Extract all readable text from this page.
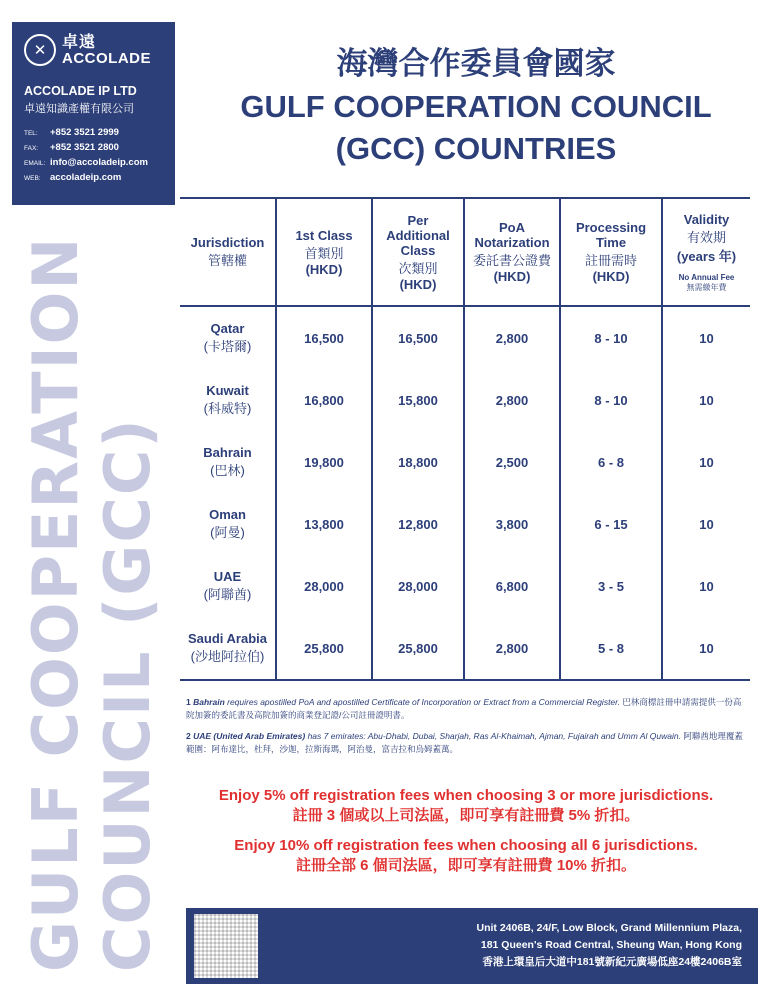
✕ 卓遠
ACCOLADE
ACCOLADE IP LTD
卓遠知識產權有限公司
TEL: +852 3521 2999
FAX: +852 3521 2800
EMAIL: info@accoladeip.com
WEB: accoladeip.com
GULF COOPERATION COUNCIL (GCC)
海灣合作委員會國家
GULF COOPERATION COUNCIL
(GCC) COUNTRIES
Jurisdiction
管轄權	1st Class
首類別
(HKD)	Per
Additional
Class
次類別
(HKD)	PoA
Notarization
委託書公證費
(HKD)	Processing
Time
註冊需時
(HKD)	Validity
有效期
(years 年)
No Annual Fee
無需繳年費

Qatar
(卡塔爾)	16,500	16,500	2,800	8 - 10	10

Kuwait
(科威特)	16,800	15,800	2,800	8 - 10	10

Bahrain
(巴林)	19,800	18,800	2,500	6 - 8	10

Oman
(阿曼)	13,800	12,800	3,800	6 - 15	10

UAE
(阿聯酋)	28,000	28,000	6,800	3 - 5	10

Saudi Arabia
(沙地阿拉伯)	25,800	25,800	2,800	5 - 8	10

1 Bahrain requires apostilled PoA and apostilled Certificate of Incorporation or Extract from a Commercial Register. 巴林商標註冊申請需提供一份高院加簽的委託書及高院加簽的商業登記證/公司註冊證明書。

2 UAE (United Arab Emirates) has 7 emirates: Abu-Dhabi, Dubai, Sharjah, Ras Al-Khaimah, Ajman, Fujairah and Umm Al Quwain. 阿聯酋地理覆蓋範圍：阿布達比，杜拜，沙迦，拉斯海瑪，阿治曼，富吉拉和烏姆蓋萬。

Enjoy 5% off registration fees when choosing 3 or more jurisdictions.
註冊 3 個或以上司法區，即可享有註冊費 5% 折扣。
Enjoy 10% off registration fees when choosing all 6 jurisdictions.
註冊全部 6 個司法區，即可享有註冊費 10% 折扣。
Unit 2406B, 24/F, Low Block, Grand Millennium Plaza,
181 Queen's Road Central, Sheung Wan, Hong Kong
香港上環皇后大道中181號新紀元廣場低座24樓2406B室
